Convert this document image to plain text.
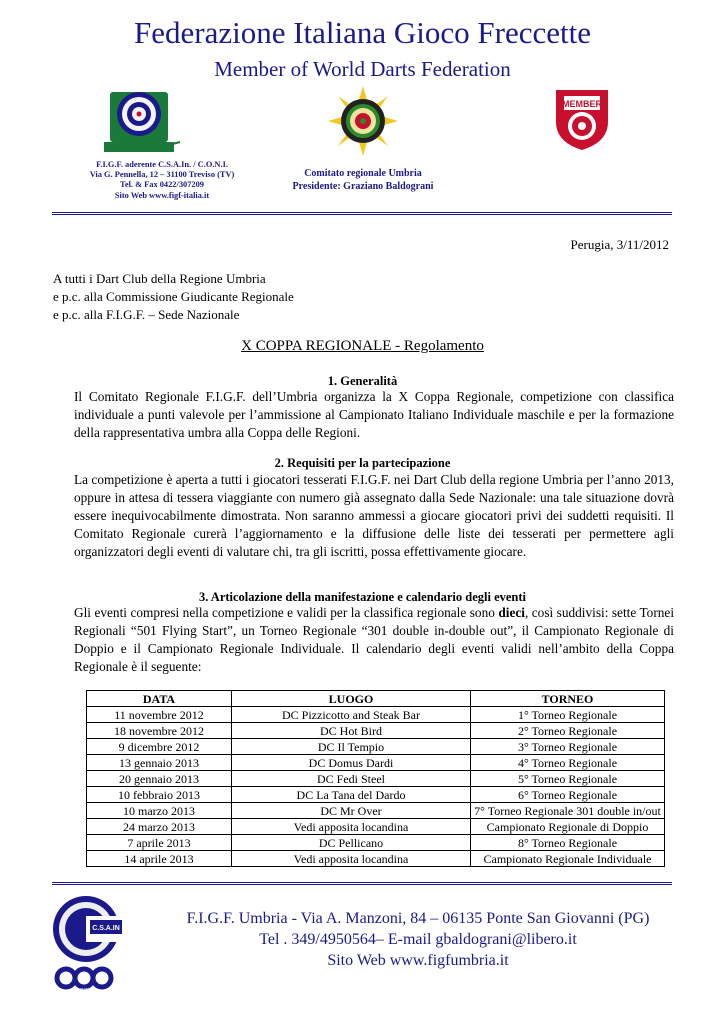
Federazione Italiana Gioco Freccette
Member of World Darts Federation
MEMBER
F.I.G.F. aderente C.S.A.In. / C.O.N.I.
Via G. Pennella, 12 – 31100 Treviso (TV)
Tel. & Fax 0422/307209
Sito Web www.figf-italia.it
Comitato regionale Umbria
Presidente: Graziano Baldograni
Perugia, 3/11/2012
A tutti i Dart Club della Regione Umbria
e p.c. alla Commissione Giudicante Regionale
e p.c. alla F.I.G.F. – Sede Nazionale
X COPPA REGIONALE - Regolamento
1. Generalità
Il Comitato Regionale F.I.G.F. dell’Umbria organizza la X Coppa Regionale, competizione con classifica individuale a punti valevole per l’ammissione al Campionato Italiano Individuale maschile e per la formazione della rappresentativa umbra alla Coppa delle Regioni.
2. Requisiti per la partecipazione
La competizione è aperta a tutti i giocatori tesserati F.I.G.F. nei Dart Club della regione Umbria per l’anno 2013, oppure in attesa di tessera viaggiante con numero già assegnato dalla Sede Nazionale: una tale situazione dovrà essere inequivocabilmente dimostrata. Non saranno ammessi a giocare giocatori privi dei suddetti requisiti. Il Comitato Regionale curerà l’aggiornamento e la diffusione delle liste dei tesserati per permettere agli organizzatori degli eventi di valutare chi, tra gli iscritti, possa effettivamente giocare.
3. Articolazione della manifestazione e calendario degli eventi
Gli eventi compresi nella competizione e validi per la classifica regionale sono dieci, così suddivisi: sette Tornei Regionali “501 Flying Start”, un Torneo Regionale “301 double in-double out”, il Campionato Regionale di Doppio e il Campionato Regionale Individuale. Il calendario degli eventi validi nell’ambito della Coppa Regionale è il seguente:
DATA	LUOGO	TORNEO
11 novembre 2012	DC Pizzicotto and Steak Bar	1° Torneo Regionale
18 novembre 2012	DC Hot Bird	2° Torneo Regionale
9 dicembre 2012	DC Il Tempio	3° Torneo Regionale
13 gennaio 2013	DC Domus Dardi	4° Torneo Regionale
20 gennaio 2013	DC Fedi Steel	5° Torneo Regionale
10 febbraio 2013	DC La Tana del Dardo	6° Torneo Regionale
10 marzo 2013	DC Mr Over	7° Torneo Regionale 301 double in/out
24 marzo 2013	Vedi apposita locandina	Campionato Regionale di Doppio
7 aprile 2013	DC Pellicano	8° Torneo Regionale
14 aprile 2013	Vedi apposita locandina	Campionato Regionale Individuale
C.S.A.IN
CONI
F.I.G.F. Umbria - Via A. Manzoni, 84 – 06135 Ponte San Giovanni (PG)
Tel . 349/4950564– E-mail gbaldograni@libero.it
Sito Web www.figfumbria.it
